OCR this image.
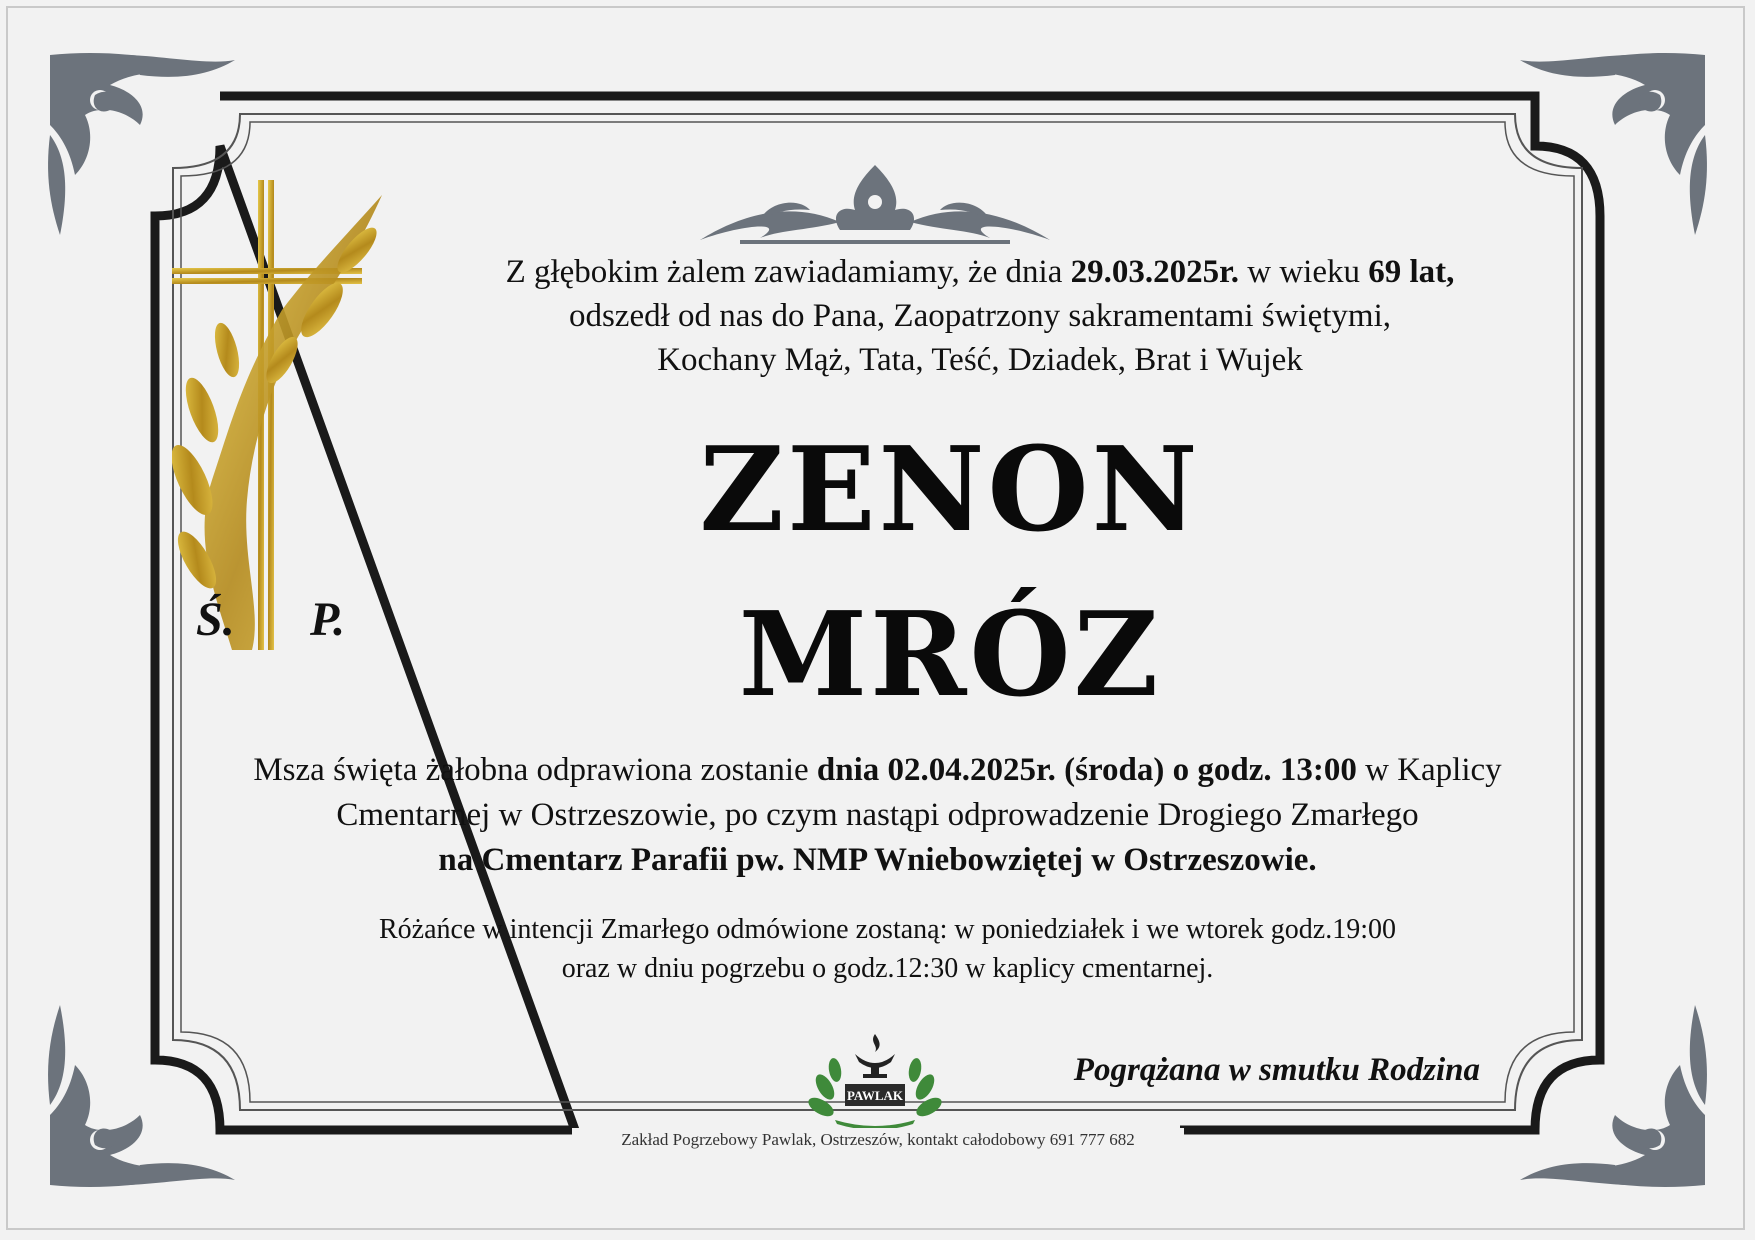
Ś. P.
Z głębokim żalem zawiadamiamy, że dnia 29.03.2025r. w wieku 69 lat,
odszedł od nas do Pana, Zaopatrzony sakramentami świętymi,
Kochany Mąż, Tata, Teść, Dziadek, Brat i Wujek
ZENON
MRÓZ
Msza święta żałobna odprawiona zostanie dnia 02.04.2025r. (środa) o godz. 13:00 w Kaplicy
Cmentarnej w Ostrzeszowie, po czym nastąpi odprowadzenie Drogiego Zmarłego
na Cmentarz Parafii pw. NMP Wniebowziętej w Ostrzeszowie.
Różańce w intencji Zmarłego odmówione zostaną: w poniedziałek i we wtorek godz.19:00
oraz w dniu pogrzebu o godz.12:30 w kaplicy cmentarnej.
PAWLAK
Pogrążana w smutku Rodzina
Zakład Pogrzebowy Pawlak, Ostrzeszów, kontakt całodobowy 691 777 682
